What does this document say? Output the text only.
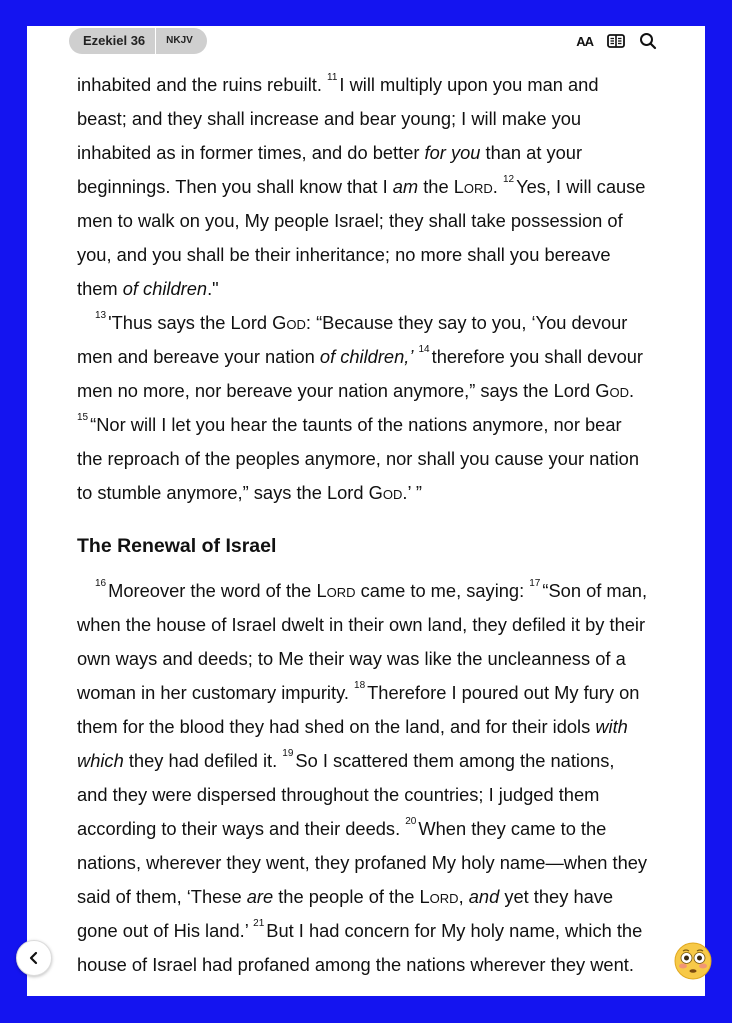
Ezekiel 36	NKJV	AA
inhabited and the ruins rebuilt. $^{11}$ I will multiply upon you man and
beast; and they shall increase and bear young; I will make you
inhabited as in former times, and do better for you than at your
beginnings. Then you shall know that I am the Lord. $^{12}$ Yes, I will cause
men to walk on you, My people Israel; they shall take possession of
you, and you shall be their inheritance; no more shall you bereave
them of children."
$^{13}$ 'Thus says the Lord God: “Because they say to you, ‘You devour
men and bereave your nation of children,’ $^{14}$ therefore you shall devour
men no more, nor bereave your nation anymore,” says the Lord God.
$^{15}$ “Nor will I let you hear the taunts of the nations anymore, nor bear
the reproach of the peoples anymore, nor shall you cause your nation
to stumble anymore,” says the Lord God.’ ”
The Renewal of Israel
$^{16}$ Moreover the word of the Lord came to me, saying: $^{17}$ “Son of man,
when the house of Israel dwelt in their own land, they defiled it by their
own ways and deeds; to Me their way was like the uncleanness of a
woman in her customary impurity. $^{18}$ Therefore I poured out My fury on
them for the blood they had shed on the land, and for their idols with
which they had defiled it. $^{19}$ So I scattered them among the nations,
and they were dispersed throughout the countries; I judged them
according to their ways and their deeds. $^{20}$ When they came to the
nations, wherever they went, they profaned My holy name—when they
said of them, ‘These are the people of the Lord, and yet they have
gone out of His land.’ $^{21}$ But I had concern for My holy name, which the
house of Israel had profaned among the nations wherever they went.
